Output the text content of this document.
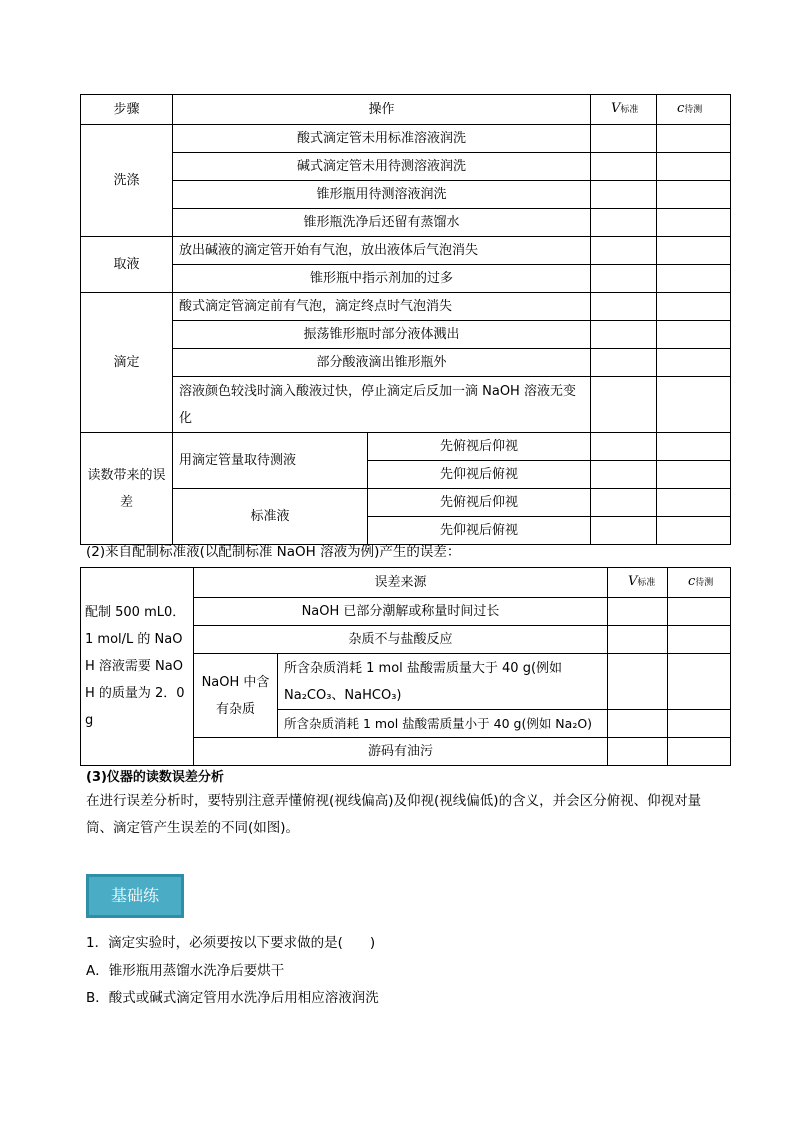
步骤	操作		V标准	c待测
洗涤	酸式滴定管未用标准溶液润洗			
	碱式滴定管未用待测溶液润洗			
	锥形瓶用待测溶液润洗			
	锥形瓶洗净后还留有蒸馏水			
取液	放出碱液的滴定管开始有气泡，放出液体后气泡消失			
	锥形瓶中指示剂加的过多			
滴定	酸式滴定管滴定前有气泡，滴定终点时气泡消失			
	振荡锥形瓶时部分液体溅出			
	部分酸液滴出锥形瓶外			
	溶液颜色较浅时滴入酸液过快，停止滴定后反加一滴 NaOH 溶液无变化			
读数带来的误差	用滴定管量取待测液	先俯视后仰视		
		先仰视后俯视		
	标准液	先俯视后仰视		
		先仰视后俯视		
(2)来自配制标准液(以配制标准 NaOH 溶液为例)产生的误差：
配制 500 mL0．1 mol/L 的 NaOH 溶液需要 NaOH 的质量为 2．0 g	误差来源		V标准	c待测
	NaOH 已部分潮解或称量时间过长			
	杂质不与盐酸反应			
	NaOH 中含有杂质	所含杂质消耗 1 mol 盐酸需质量大于 40 g(例如 Na₂CO₃、NaHCO₃)		
		所含杂质消耗 1 mol 盐酸需质量小于 40 g(例如 Na₂O)		
	游码有油污			
(3)仪器的读数误差分析
在进行误差分析时，要特别注意弄懂俯视(视线偏高)及仰视(视线偏低)的含义，并会区分俯视、仰视对量筒、滴定管产生误差的不同(如图)。
基础练
1．滴定实验时，必须要按以下要求做的是(　　)
A．锥形瓶用蒸馏水洗净后要烘干
B．酸式或碱式滴定管用水洗净后用相应溶液润洗
